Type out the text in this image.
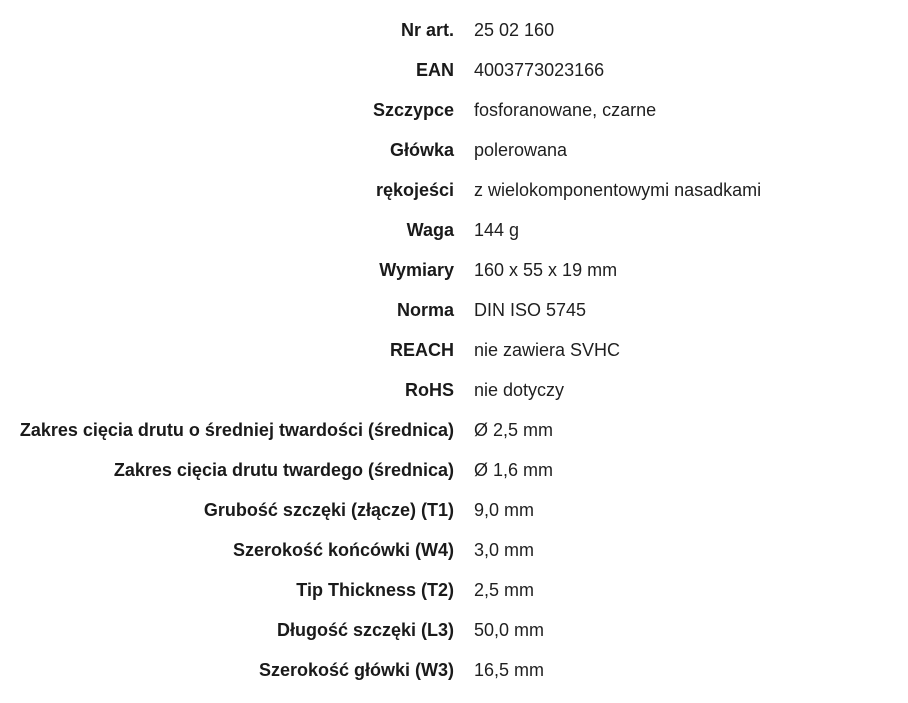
Nr art.	25 02 160
EAN	4003773023166
Szczypce	fosforanowane, czarne
Główka	polerowana
rękojeści	z wielokomponentowymi nasadkami
Waga	144 g
Wymiary	160 x 55 x 19 mm
Norma	DIN ISO 5745
REACH	nie zawiera SVHC
RoHS	nie dotyczy
Zakres cięcia drutu o średniej twardości (średnica)	Ø 2,5 mm
Zakres cięcia drutu twardego (średnica)	Ø 1,6 mm
Grubość szczęki (złącze) (T1)	9,0 mm
Szerokość końcówki (W4)	3,0 mm
Tip Thickness (T2)	2,5 mm
Długość szczęki (L3)	50,0 mm
Szerokość główki (W3)	16,5 mm
